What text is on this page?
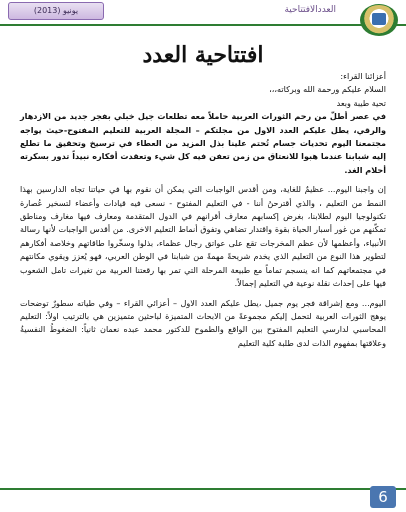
يونيو (2013)	العددالافتتاحية
افتتاحية العدد

أعزائنا القراء:

السلام عليكم ورحمة الله وبركاته،،،

تحية طيبة وبعد

في عصر أطلّ من رحم الثورات العربية حاملاً معه تطلعات جيل خبلي بفجر جديد من الازدهار والرقي، يطل عليكم العدد الاول من مجلتكم – المجلة العربية للتعليم المفتوح-حيث يواجه مجتمعنا اليوم تحديات جسام تُحتم علينا بذل المزيد من العطاء في ترسيخ وتحقيق ما تطلع إليه شبابنا عندما هبوا للانعتاق من زمن تعفن فيه كل شيء وتعقدت أفكاره نبيداً تدور بسكرته أحلام الغد.

إن واجبنا اليوم... عظيمٌ للغاية، ومن أقدس الواجبات التي يمكن أن نقوم بها في حياتنا تجاه الدارسين بهذا النمط من التعليم ، والذي أقترحنُ أننا - في التعليم المفتوح - نسعى فيه قيادات وأعضاء لتسخير عُصارة تكنولوجيا اليوم لطلابنا، بغرض إكسابهم معارف أقرانهم في الدول المتقدمة ومعارف فيها مغارف ومناطق تمكّنهم من غور أسبار الحياة بقوة واقتدار تضاهي وتفوق أنماط التعليم الاخرى. من أقدس الواجبات لأنها رسالة الأنبياء، وأعظمها لأن عظم المخرجات تقع على عواتق رجال عظماء، بذلوا وسخّروا طاقاتهم وخلاصة أفكارهم لتطوير هذا النوع من التعليم الذي يخدم شريحةً مهمةً من شبابنا في الوطن العربي، فهو يُعزز ويقوي مكانتهم في مجتمعاتهم كما انه ينسجم تماماً مع طبيعة المرحلة التي تمر بها رقعتنا العربية من تغيرات تامل الشعوب فيها على إحداث نقلة نوعية في التعليم إجمالاً.

اليوم... ومع إشراقة فجر يوم جميل ،يطل عليكم العدد الاول – أعزائي القراء – وفي طياته سطورٌ توضحات يوهج الثورات العربية لتحمل إليكم مجموعةً من الابحاث المتميزة لباحثين متميزين هي بالترتيب اولاً: التعليم المحاسبي لدارسي التعليم المفتوح بين الواقع والطموح للدكتور محمد عبده نعمان ثانياً: الضغوطُ النفسيةُ وعلاقتها بمفهوم الذات لدى طلبة كلية التعليم

6
